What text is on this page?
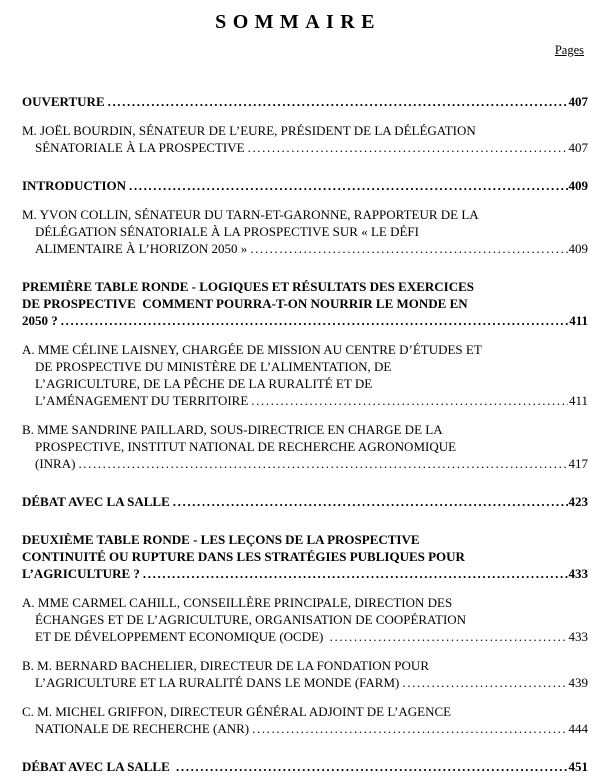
SOMMAIRE
Pages
OUVERTURE .....	407
M. JOËL BOURDIN, SÉNATEUR DE L’EURE, PRÉSIDENT DE LA DÉLÉGATION
SÉNATORIALE À LA PROSPECTIVE .....	407
INTRODUCTION .....	409
M. YVON COLLIN, SÉNATEUR DU TARN-ET-GARONNE, RAPPORTEUR DE LA
DÉLÉGATION SÉNATORIALE À LA PROSPECTIVE SUR « LE DÉFI
ALIMENTAIRE À L’HORIZON 2050 » .....	409
PREMIÈRE TABLE RONDE - LOGIQUES ET RÉSULTATS DES EXERCICES
DE PROSPECTIVE  COMMENT POURRA-T-ON NOURRIR LE MONDE EN
2050 ? .....	411
A. MME CÉLINE LAISNEY, CHARGÉE DE MISSION AU CENTRE D’ÉTUDES ET
DE PROSPECTIVE DU MINISTÈRE DE L’ALIMENTATION, DE
L’AGRICULTURE, DE LA PÊCHE DE LA RURALITÉ ET DE
L’AMÉNAGEMENT DU TERRITOIRE .....	411
B. MME SANDRINE PAILLARD, SOUS-DIRECTRICE EN CHARGE DE LA
PROSPECTIVE, INSTITUT NATIONAL DE RECHERCHE AGRONOMIQUE
(INRA) .....	417
DÉBAT AVEC LA SALLE .....	423
DEUXIÈME TABLE RONDE - LES LEÇONS DE LA PROSPECTIVE
CONTINUITÉ OU RUPTURE DANS LES STRATÉGIES PUBLIQUES POUR
L’AGRICULTURE ? .....	433
A. MME CARMEL CAHILL, CONSEILLÈRE PRINCIPALE, DIRECTION DES
ÉCHANGES ET DE L’AGRICULTURE, ORGANISATION DE COOPÉRATION
ET DE DÉVELOPPEMENT ECONOMIQUE (OCDE) .....	433
B. M. BERNARD BACHELIER, DIRECTEUR DE LA FONDATION POUR
L’AGRICULTURE ET LA RURALITÉ DANS LE MONDE (FARM) .....	439
C. M. MICHEL GRIFFON, DIRECTEUR GÉNÉRAL ADJOINT DE L’AGENCE
NATIONALE DE RECHERCHE (ANR) .....	444
DÉBAT AVEC LA SALLE .....	451
